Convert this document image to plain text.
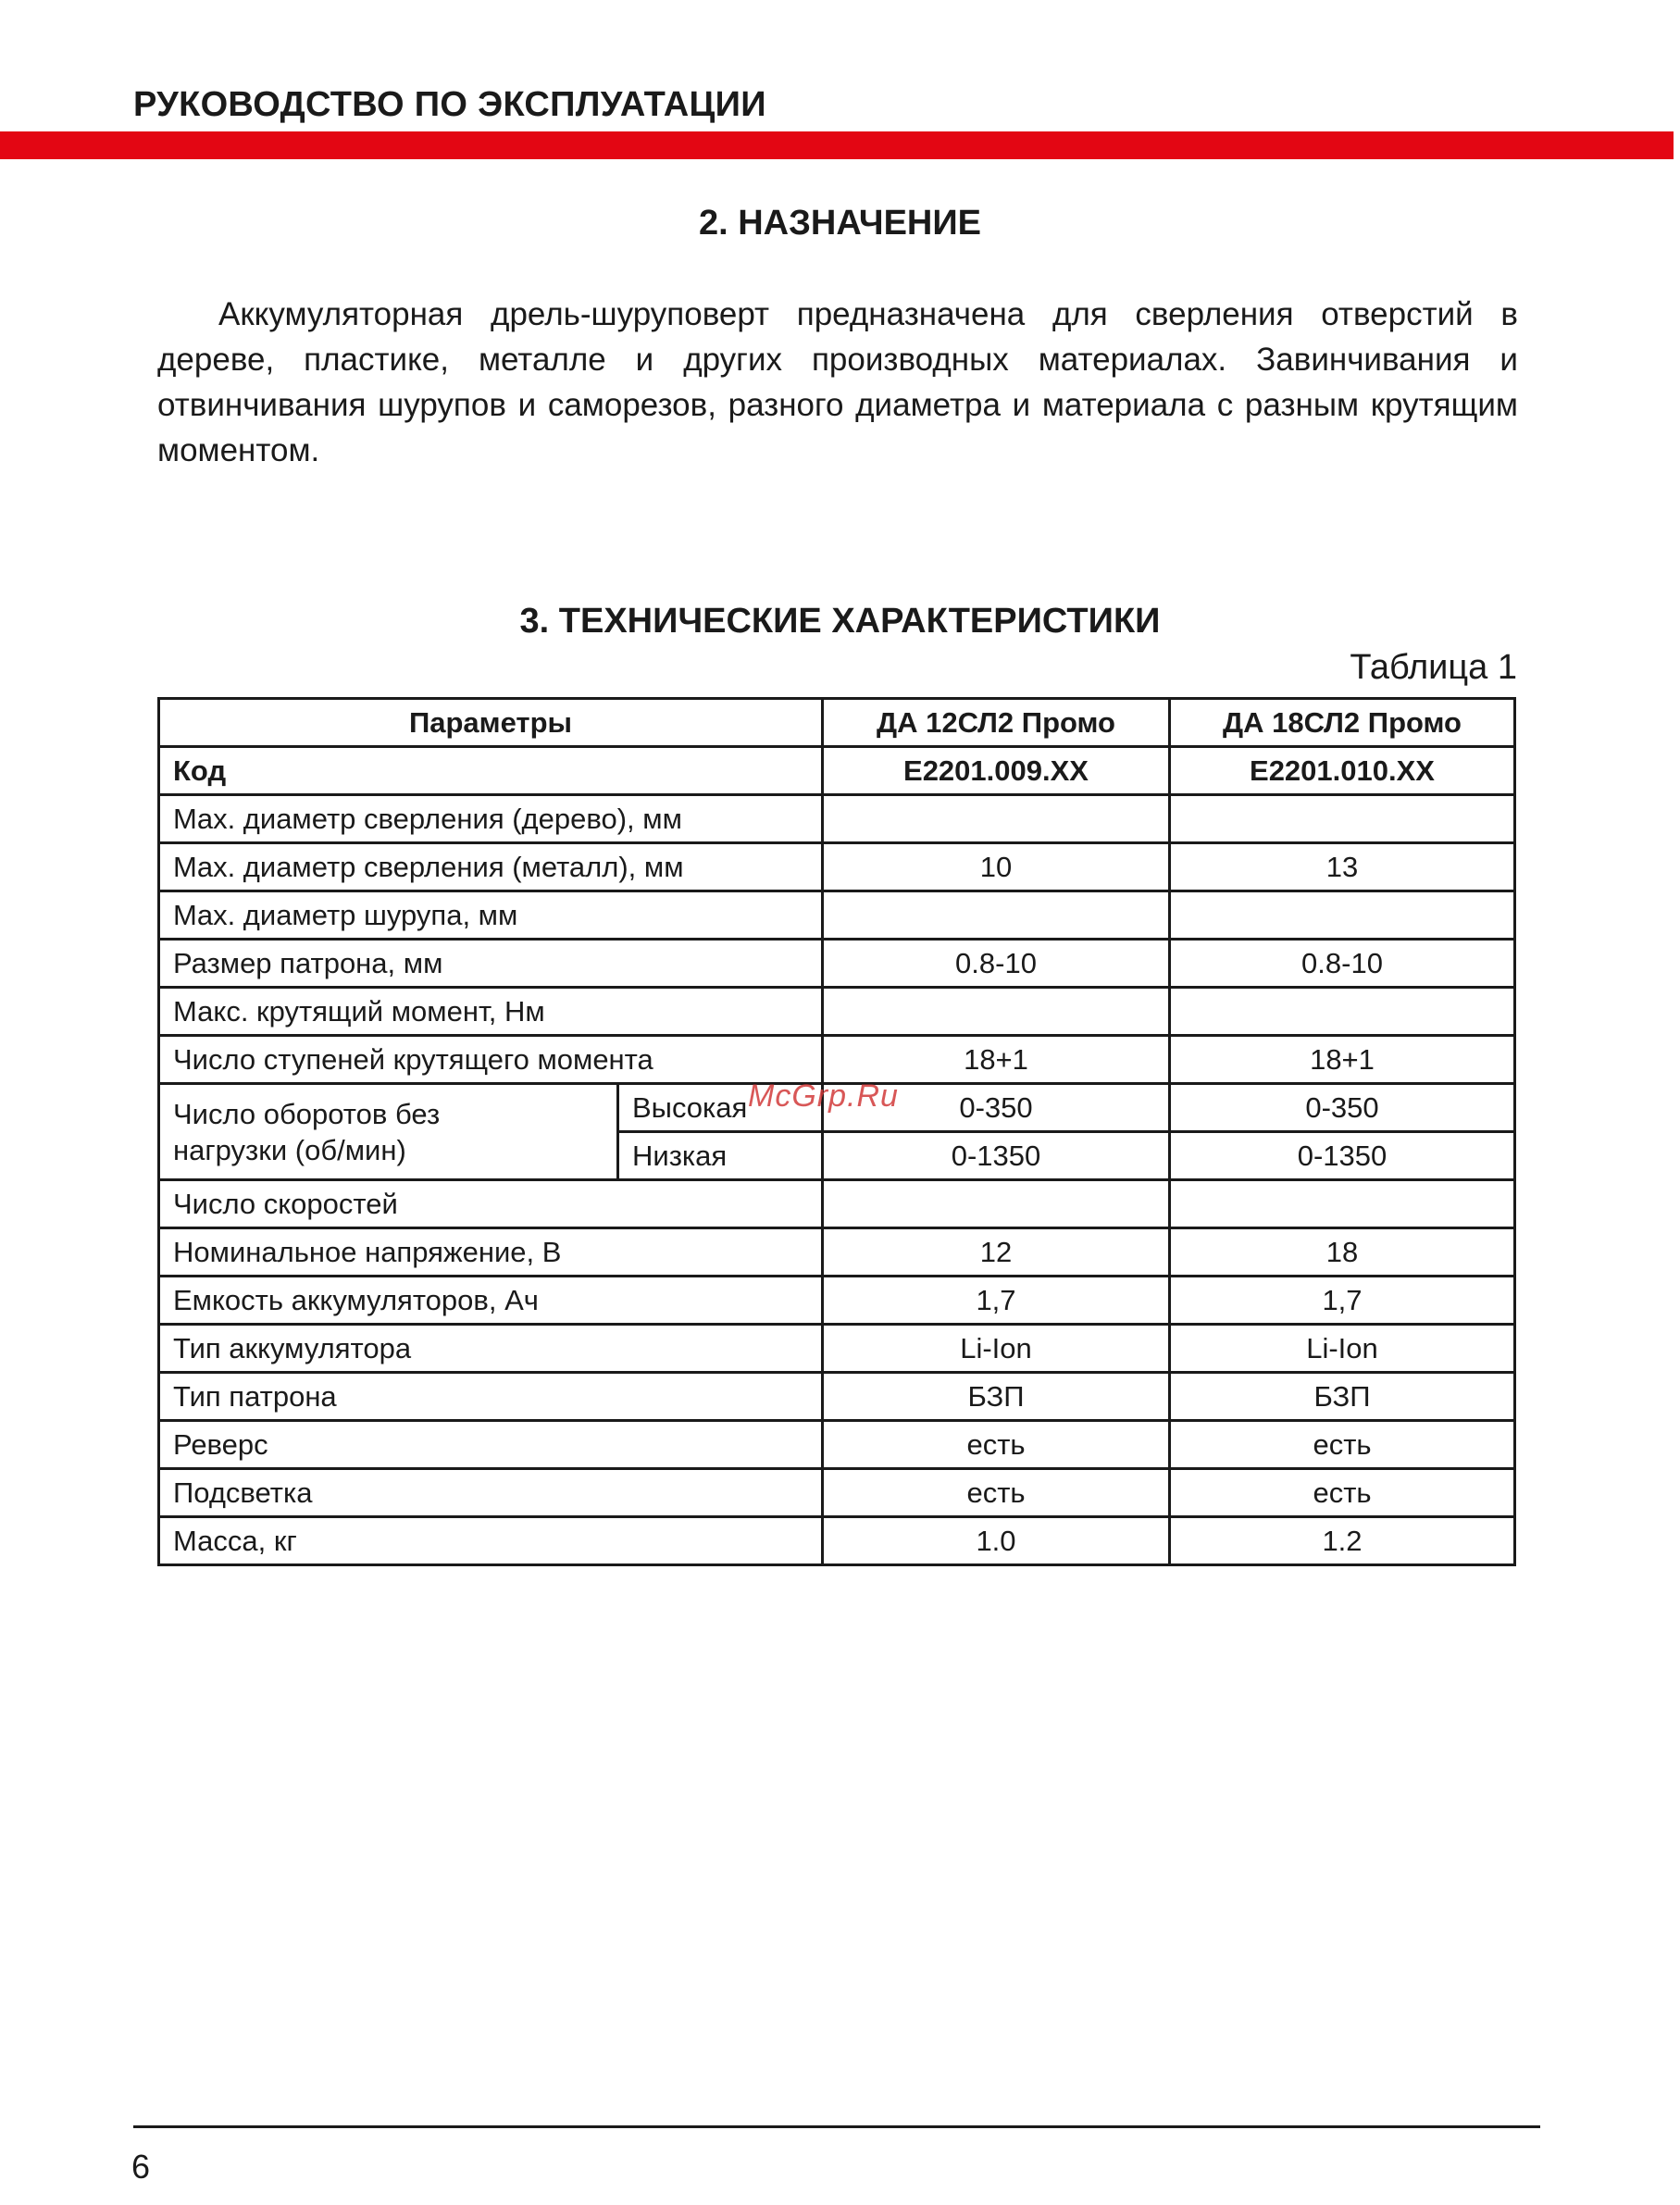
РУКОВОДСТВО ПО ЭКСПЛУАТАЦИИ
2. НАЗНАЧЕНИЕ

Аккумуляторная дрель-шуруповерт предназначена для сверления отверстий в дереве, пластике, металле и других производных материалах. Завинчивания и отвинчивания шурупов и саморезов, разного диаметра и материала с разным крутящим моментом.

3. ТЕХНИЧЕСКИЕ ХАРАКТЕРИСТИКИ

Таблица 1

Параметры		ДА 12СЛ2 Промо	ДА 18СЛ2 Промо
Код		E2201.009.XX	E2201.010.XX
Max. диаметр сверления (дерево), мм			
Max. диаметр сверления (металл), мм		10	13
Max. диаметр шурупа, мм			
Размер патрона, мм		0.8-10	0.8-10
Макс. крутящий момент, Нм			
Число ступеней крутящего момента		18+1	18+1

Число оборотов без
нагрузки (об/мин)	Высокая	0-350	0-350
	Низкая	0-1350	0-1350
Число скоростей			
Номинальное напряжение, В		12	18
Емкость аккумуляторов, Ач		1,7	1,7
Тип аккумулятора		Li-Ion	Li-Ion
Тип патрона		БЗП	БЗП
Реверс		есть	есть
Подсветка		есть	есть
Масса, кг		1.0	1.2
McGrp.Ru
6
